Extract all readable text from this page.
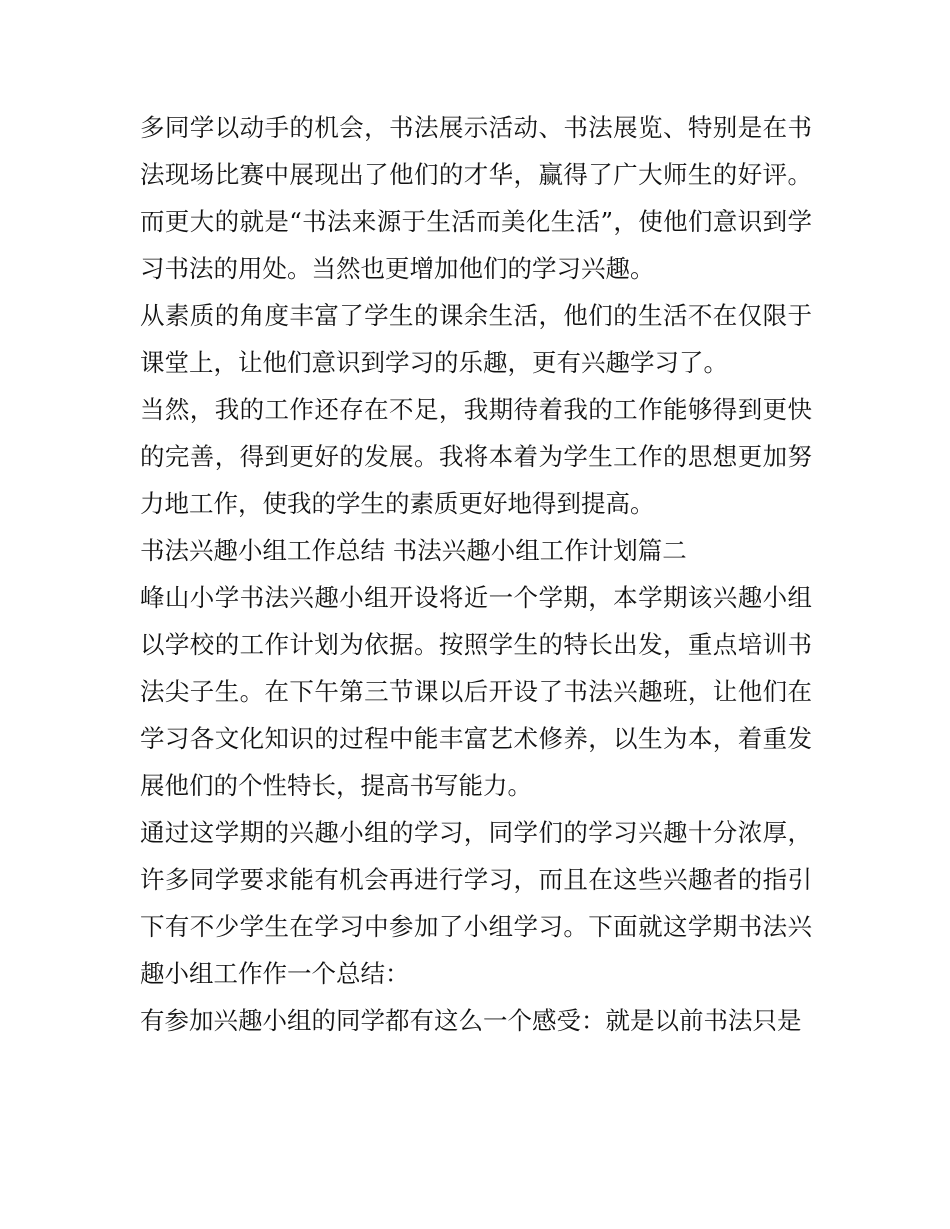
多同学以动手的机会，书法展示活动、书法展览、特别是在书法现场比赛中展现出了他们的才华，赢得了广大师生的好评。而更大的就是“书法来源于生活而美化生活”，使他们意识到学习书法的用处。当然也更增加他们的学习兴趣。

从素质的角度丰富了学生的课余生活，他们的生活不在仅限于课堂上，让他们意识到学习的乐趣，更有兴趣学习了。

当然，我的工作还存在不足，我期待着我的工作能够得到更快的完善，得到更好的发展。我将本着为学生工作的思想更加努力地工作，使我的学生的素质更好地得到提高。

书法兴趣小组工作总结 书法兴趣小组工作计划篇二

峰山小学书法兴趣小组开设将近一个学期，本学期该兴趣小组以学校的工作计划为依据。按照学生的特长出发，重点培训书法尖子生。在下午第三节课以后开设了书法兴趣班，让他们在学习各文化知识的过程中能丰富艺术修养，以生为本，着重发展他们的个性特长，提高书写能力。

通过这学期的兴趣小组的学习，同学们的学习兴趣十分浓厚，许多同学要求能有机会再进行学习，而且在这些兴趣者的指引下有不少学生在学习中参加了小组学习。下面就这学期书法兴趣小组工作作一个总结：

有参加兴趣小组的同学都有这么一个感受：就是以前书法只是
